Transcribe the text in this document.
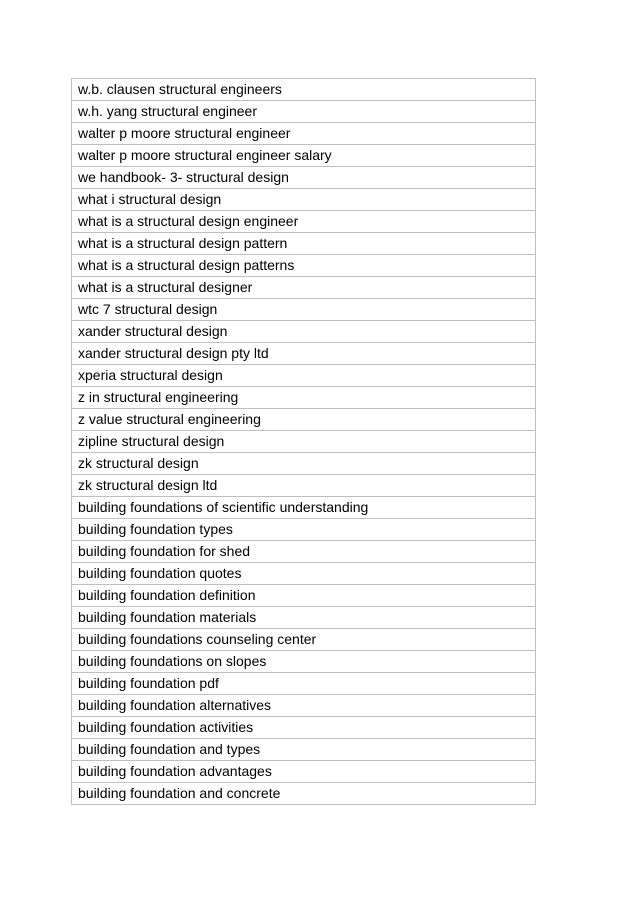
w.b. clausen structural engineers
w.h. yang structural engineer
walter p moore structural engineer
walter p moore structural engineer salary
we handbook- 3- structural design
what i structural design
what is a structural design engineer
what is a structural design pattern
what is a structural design patterns
what is a structural designer
wtc 7 structural design
xander structural design
xander structural design pty ltd
xperia structural design
z in structural engineering
z value structural engineering
zipline structural design
zk structural design
zk structural design ltd
building foundations of scientific understanding
building foundation types
building foundation for shed
building foundation quotes
building foundation definition
building foundation materials
building foundations counseling center
building foundations on slopes
building foundation pdf
building foundation alternatives
building foundation activities
building foundation and types
building foundation advantages
building foundation and concrete
